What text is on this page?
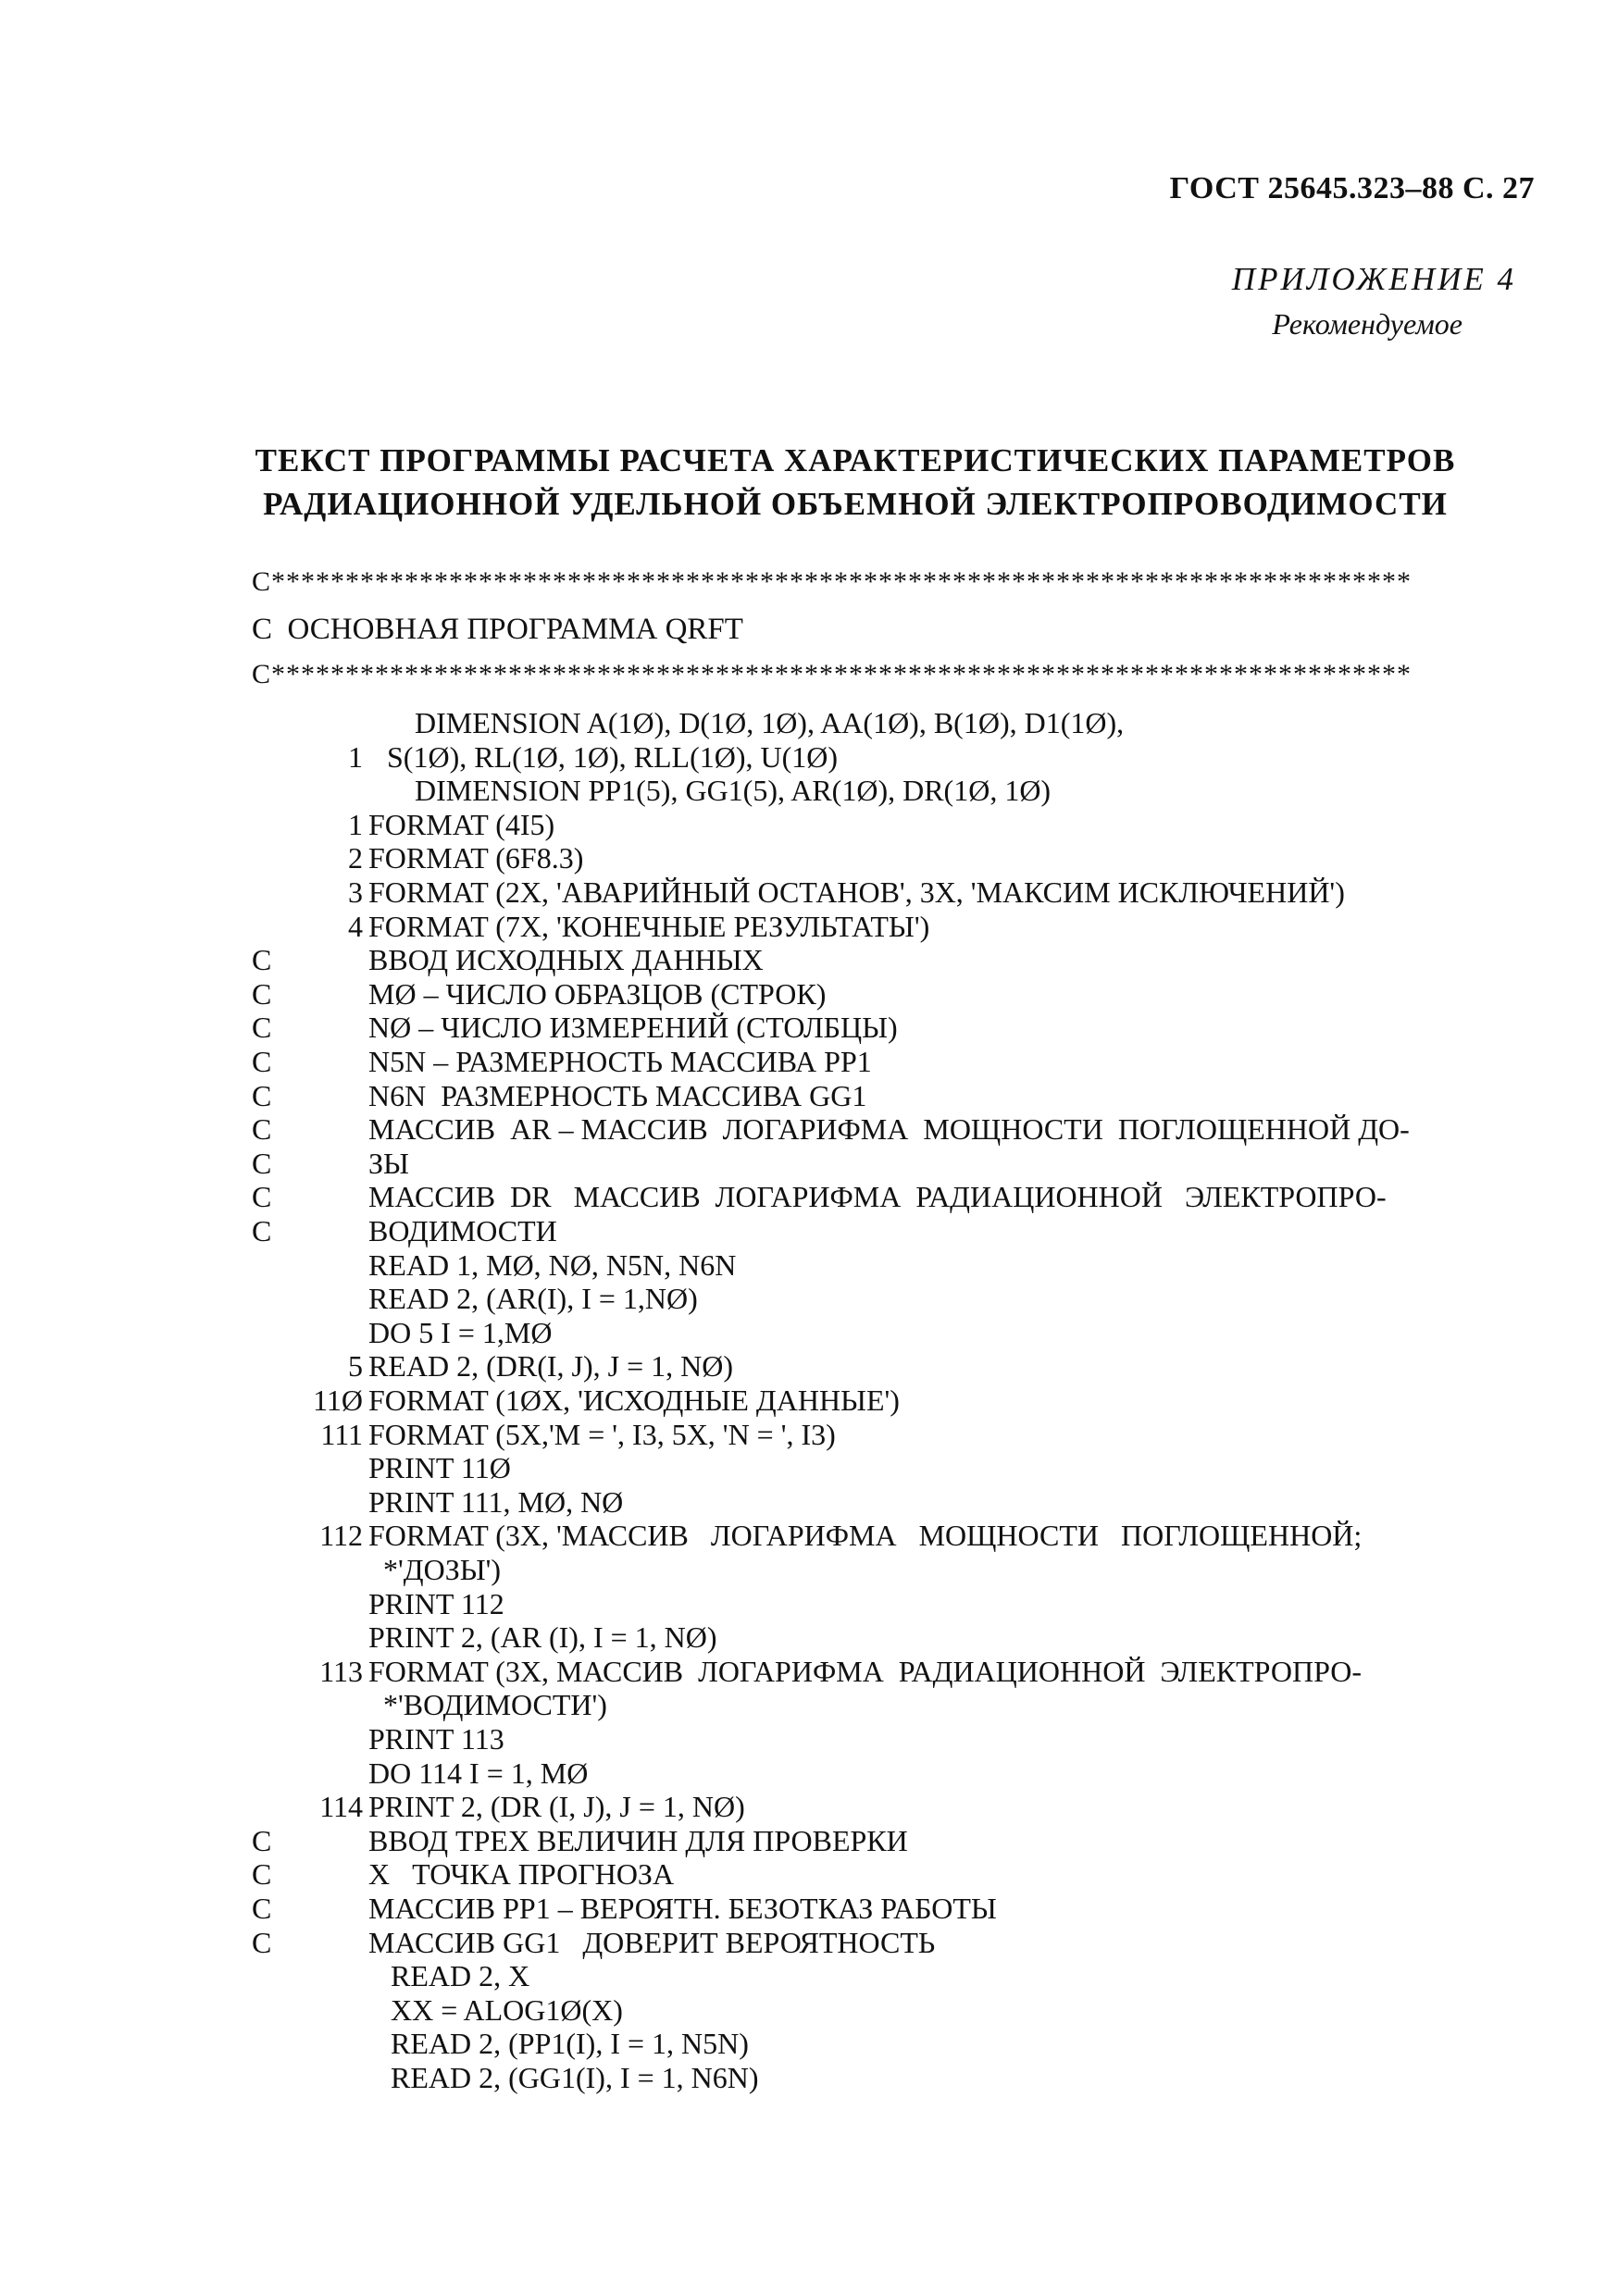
ГОСТ 25645.323–88 С. 27
ПРИЛОЖЕНИЕ 4
Рекомендуемое
ТЕКСТ ПРОГРАММЫ РАСЧЕТА ХАРАКТЕРИСТИЧЕСКИХ ПАРАМЕТРОВ
РАДИАЦИОННОЙ УДЕЛЬНОЙ ОБЪЕМНОЙ ЭЛЕКТРОПРОВОДИМОСТИ
С*****************************************************************************
С  ОСНОВНАЯ ПРОГРАММА QRFT
С*****************************************************************************
DIMENSION A(1Ø), D(1Ø, 1Ø), AA(1Ø), B(1Ø), D1(1Ø),
1 S(1Ø), RL(1Ø, 1Ø), RLL(1Ø), U(1Ø)
DIMENSION PP1(5), GG1(5), AR(1Ø), DR(1Ø, 1Ø)
1 FORMAT (4I5)
2 FORMAT (6F8.3)
3 FORMAT (2X, 'АВАРИЙНЫЙ ОСТАНОВ', 3X, 'МАКСИМ ИСКЛЮЧЕНИЙ')
4 FORMAT (7X, 'КОНЕЧНЫЕ РЕЗУЛЬТАТЫ')
C	ВВОД ИСХОДНЫХ ДАННЫХ
C	MØ – ЧИСЛО ОБРАЗЦОВ (СТРОК)
C	NØ – ЧИСЛО ИЗМЕРЕНИЙ (СТОЛБЦЫ)
C	N5N – РАЗМЕРНОСТЬ МАССИВА PP1
C	N6N  РАЗМЕРНОСТЬ МАССИВА GG1
C	МАССИВ  AR – МАССИВ  ЛОГАРИФМА  МОЩНОСТИ  ПОГЛОЩЕННОЙ ДО-
C	ЗЫ
C	МАССИВ  DR   МАССИВ  ЛОГАРИФМА  РАДИАЦИОННОЙ   ЭЛЕКТРОПРО-
C	ВОДИМОСТИ
READ 1, MØ, NØ, N5N, N6N
READ 2, (AR(I), I = 1,NØ)
DO 5 I = 1,MØ
5 READ 2, (DR(I, J), J = 1, NØ)
11Ø FORMAT (1ØX, 'ИСХОДНЫЕ ДАННЫЕ')
111 FORMAT (5X,'M = ', I3, 5X, 'N = ', I3)
PRINT 11Ø
PRINT 111, MØ, NØ
112 FORMAT (3X, 'МАССИВ   ЛОГАРИФМА   МОЩНОСТИ   ПОГЛОЩЕННОЙ;
*'ДОЗЫ')
PRINT 112
PRINT 2, (AR (I), I = 1, NØ)
113 FORMAT (3X, МАССИВ  ЛОГАРИФМА  РАДИАЦИОННОЙ  ЭЛЕКТРОПРО-
*'ВОДИМОСТИ')
PRINT 113
DO 114 I = 1, MØ
114 PRINT 2, (DR (I, J), J = 1, NØ)
C	ВВОД ТРЕХ ВЕЛИЧИН ДЛЯ ПРОВЕРКИ
C	X   ТОЧКА ПРОГНОЗА
C	МАССИВ PP1 – ВЕРОЯТН. БЕЗОТКАЗ РАБОТЫ
C	МАССИВ GG1   ДОВЕРИТ ВЕРОЯТНОСТЬ
READ 2, X
XX = ALOG1Ø(X)
READ 2, (PP1(I), I = 1, N5N)
READ 2, (GG1(I), I = 1, N6N)
